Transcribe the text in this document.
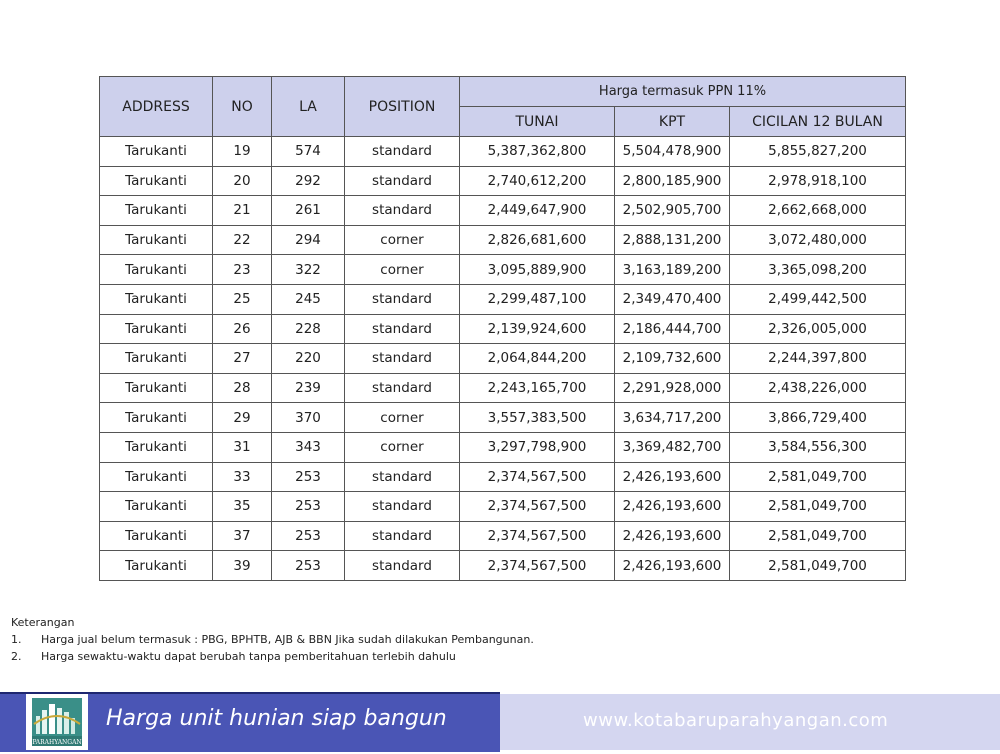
ADDRESS	NO	LA	POSITION	Harga termasuk PPN 11%		
				TUNAI	KPT	CICILAN 12 BULAN
Tarukanti	19	574	standard	5,387,362,800	5,504,478,900	5,855,827,200
Tarukanti	20	292	standard	2,740,612,200	2,800,185,900	2,978,918,100
Tarukanti	21	261	standard	2,449,647,900	2,502,905,700	2,662,668,000
Tarukanti	22	294	corner	2,826,681,600	2,888,131,200	3,072,480,000
Tarukanti	23	322	corner	3,095,889,900	3,163,189,200	3,365,098,200
Tarukanti	25	245	standard	2,299,487,100	2,349,470,400	2,499,442,500
Tarukanti	26	228	standard	2,139,924,600	2,186,444,700	2,326,005,000
Tarukanti	27	220	standard	2,064,844,200	2,109,732,600	2,244,397,800
Tarukanti	28	239	standard	2,243,165,700	2,291,928,000	2,438,226,000
Tarukanti	29	370	corner	3,557,383,500	3,634,717,200	3,866,729,400
Tarukanti	31	343	corner	3,297,798,900	3,369,482,700	3,584,556,300
Tarukanti	33	253	standard	2,374,567,500	2,426,193,600	2,581,049,700
Tarukanti	35	253	standard	2,374,567,500	2,426,193,600	2,581,049,700
Tarukanti	37	253	standard	2,374,567,500	2,426,193,600	2,581,049,700
Tarukanti	39	253	standard	2,374,567,500	2,426,193,600	2,581,049,700
Keterangan
1. Harga jual belum termasuk : PBG, BPHTB, AJB & BBN Jika sudah dilakukan Pembangunan.
2. Harga sewaktu-waktu dapat berubah tanpa pemberitahuan terlebih dahulu
PARAHYANGAN
Harga unit hunian siap bangun	www.kotabaruparahyangan.com
